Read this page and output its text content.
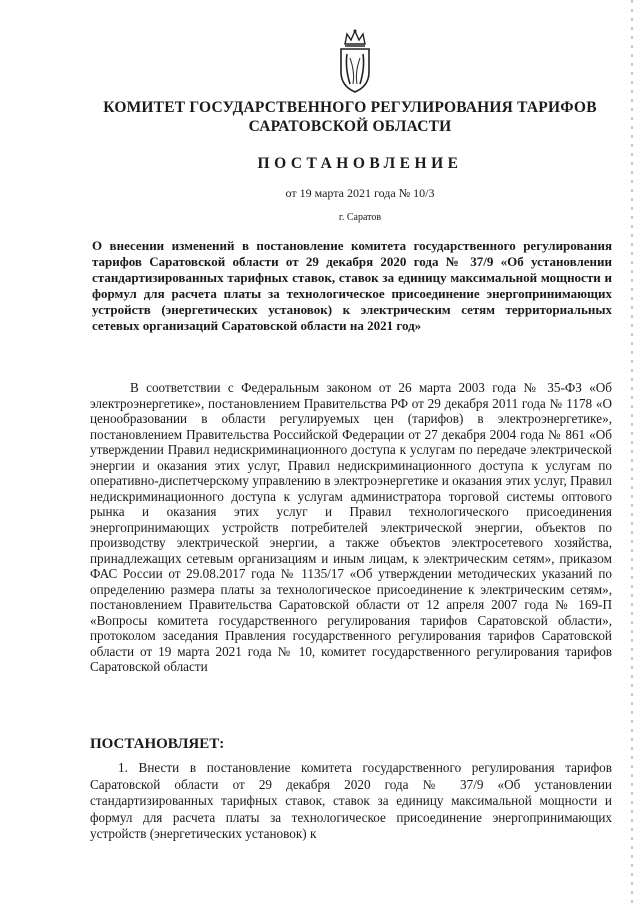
КОМИТЕТ ГОСУДАРСТВЕННОГО РЕГУЛИРОВАНИЯ ТАРИФОВ
САРАТОВСКОЙ ОБЛАСТИ
ПОСТАНОВЛЕНИЕ
от 19 марта 2021 года № 10/3
г. Саратов
О внесении изменений в постановление комитета государственного регулирования тарифов Саратовской области от 29 декабря 2020 года № 37/9 «Об установлении стандартизированных тарифных ставок, ставок за единицу максимальной мощности и формул для расчета платы за технологическое присоединение энергопринимающих устройств (энергетических установок) к электрическим сетям территориальных сетевых организаций Саратовской области на 2021 год»

В соответствии с Федеральным законом от 26 марта 2003 года № 35-ФЗ «Об электроэнергетике», постановлением Правительства РФ от 29 декабря 2011 года № 1178 «О ценообразовании в области регулируемых цен (тарифов) в электроэнергетике», постановлением Правительства Российской Федерации от 27 декабря 2004 года № 861 «Об утверждении Правил недискриминационного доступа к услугам по передаче электрической энергии и оказания этих услуг, Правил недискриминационного доступа к услугам по оперативно-диспетчерскому управлению в электроэнергетике и оказания этих услуг, Правил недискриминационного доступа к услугам администратора торговой системы оптового рынка и оказания этих услуг и Правил технологического присоединения энергопринимающих устройств потребителей электрической энергии, объектов по производству электрической энергии, а также объектов электросетевого хозяйства, принадлежащих сетевым организациям и иным лицам, к электрическим сетям», приказом ФАС России от 29.08.2017 года № 1135/17 «Об утверждении методических указаний по определению размера платы за технологическое присоединение к электрическим сетям», постановлением Правительства Саратовской области от 12 апреля 2007 года № 169-П «Вопросы комитета государственного регулирования тарифов Саратовской области», протоколом заседания Правления государственного регулирования тарифов Саратовской области от 19 марта 2021 года № 10, комитет государственного регулирования тарифов Саратовской области

ПОСТАНОВЛЯЕТ:

1. Внести в постановление комитета государственного регулирования тарифов Саратовской области от 29 декабря 2020 года № 37/9 «Об установлении стандартизированных тарифных ставок, ставок за единицу максимальной мощности и формул для расчета платы за технологическое присоединение энергопринимающих устройств (энергетических установок) к
